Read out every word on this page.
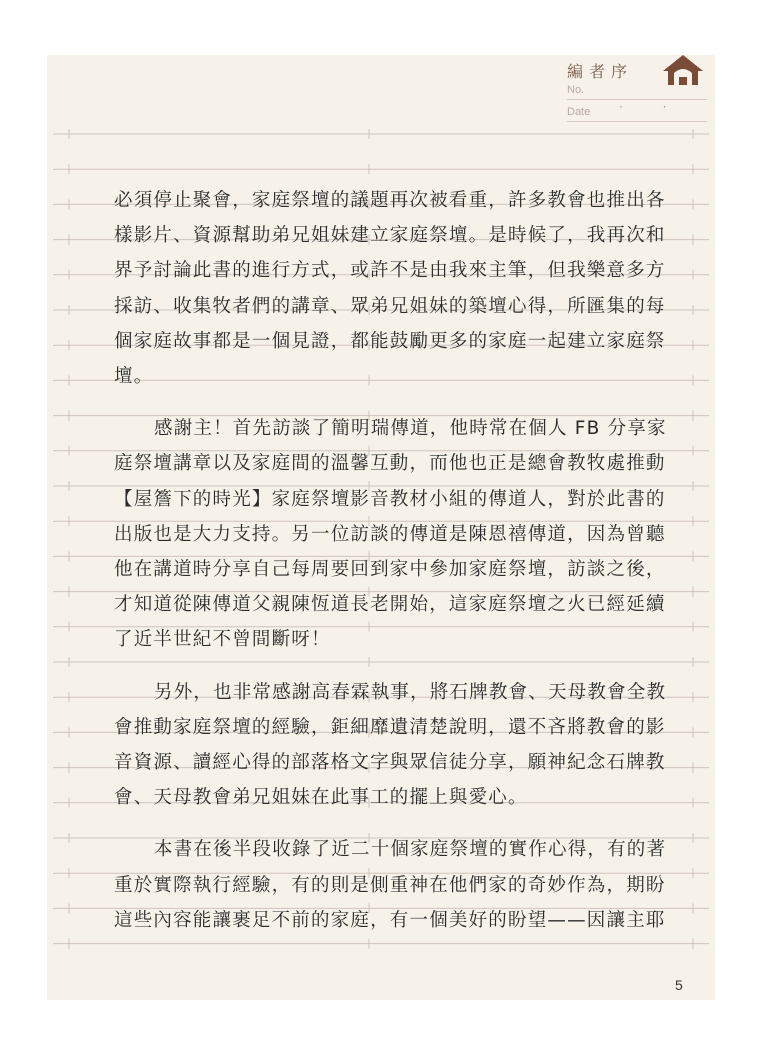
編者序
No.
Date · ·
必須停止聚會，家庭祭壇的議題再次被看重，許多教會也推出各
樣影片、資源幫助弟兄姐妹建立家庭祭壇。是時候了，我再次和
界予討論此書的進行方式，或許不是由我來主筆，但我樂意多方
採訪、收集牧者們的講章、眾弟兄姐妹的築壇心得，所匯集的每
個家庭故事都是一個見證，都能鼓勵更多的家庭一起建立家庭祭
壇。
感謝主！首先訪談了簡明瑞傳道，他時常在個人 FB 分享家
庭祭壇講章以及家庭間的溫馨互動，而他也正是總會教牧處推動
【屋簷下的時光】家庭祭壇影音教材小組的傳道人，對於此書的
出版也是大力支持。另一位訪談的傳道是陳恩禧傳道，因為曾聽
他在講道時分享自己每周要回到家中參加家庭祭壇，訪談之後，
才知道從陳傳道父親陳恆道長老開始，這家庭祭壇之火已經延續
了近半世紀不曾間斷呀！
另外，也非常感謝高春霖執事，將石牌教會、天母教會全教
會推動家庭祭壇的經驗，鉅細靡遺清楚說明，還不吝將教會的影
音資源、讀經心得的部落格文字與眾信徒分享，願神紀念石牌教
會、天母教會弟兄姐妹在此事工的擺上與愛心。
本書在後半段收錄了近二十個家庭祭壇的實作心得，有的著
重於實際執行經驗，有的則是側重神在他們家的奇妙作為，期盼
這些內容能讓裹足不前的家庭，有一個美好的盼望——因讓主耶
5
